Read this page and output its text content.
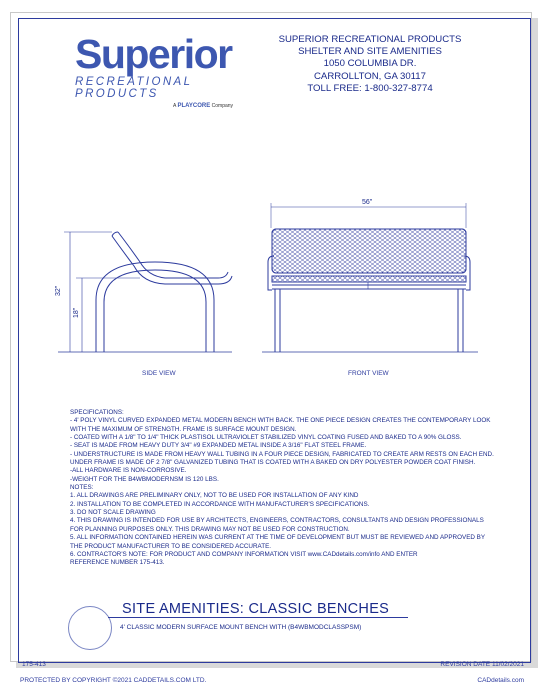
Superior
RECREATIONAL PRODUCTS
A PLAYCORE Company
SUPERIOR RECREATIONAL PRODUCTS
SHELTER AND SITE AMENITIES
1050 COLUMBIA DR.
CARROLLTON, GA 30117
TOLL FREE: 1-800-327-8774
32"
18"
56"
SIDE VIEW	FRONT VIEW
SPECIFICATIONS:
- 4' POLY VINYL CURVED EXPANDED METAL MODERN BENCH WITH BACK. THE ONE PIECE DESIGN CREATES THE CONTEMPORARY LOOK
WITH THE MAXIMUM OF STRENGTH. FRAME IS SURFACE MOUNT DESIGN.
- COATED WITH A 1/8" TO 1/4" THICK PLASTISOL ULTRAVIOLET STABILIZED VINYL COATING FUSED AND BAKED TO A 90% GLOSS.
- SEAT IS MADE FROM HEAVY DUTY 3/4" #9 EXPANDED METAL INSIDE A 3/16" FLAT STEEL FRAME.
- UNDERSTRUCTURE IS MADE FROM HEAVY WALL TUBING IN A FOUR PIECE DESIGN, FABRICATED TO CREATE ARM RESTS ON EACH END.
UNDER FRAME IS MADE OF 2 7/8" GALVANIZED TUBING THAT IS COATED WITH A BAKED ON DRY POLYESTER POWDER COAT FINISH.
-ALL HARDWARE IS NON-CORROSIVE.
-WEIGHT FOR THE B4WBMODERNSM IS 120 LBS.
NOTES:
1. ALL DRAWINGS ARE PRELIMINARY ONLY, NOT TO BE USED FOR INSTALLATION OF ANY KIND
2. INSTALLATION TO BE COMPLETED IN ACCORDANCE WITH MANUFACTURER'S SPECIFICATIONS.
3. DO NOT SCALE DRAWING
4. THIS DRAWING IS INTENDED FOR USE BY ARCHITECTS, ENGINEERS, CONTRACTORS, CONSULTANTS AND DESIGN PROFESSIONALS
FOR PLANNING PURPOSES ONLY. THIS DRAWING MAY NOT BE USED FOR CONSTRUCTION.
5. ALL INFORMATION CONTAINED HEREIN WAS CURRENT AT THE TIME OF DEVELOPMENT BUT MUST BE REVIEWED AND APPROVED BY
THE PRODUCT MANUFACTURER TO BE CONSIDERED ACCURATE.
6. CONTRACTOR'S NOTE: FOR PRODUCT AND COMPANY INFORMATION VISIT www.CADdetails.com/info AND ENTER
REFERENCE NUMBER 175-413.
SITE AMENITIES: CLASSIC BENCHES
4' CLASSIC MODERN SURFACE MOUNT BENCH WITH (B4WBMODCLASSPSM)
175-413	REVISION DATE 11/02/2021
PROTECTED BY COPYRIGHT ©2021 CADDETAILS.COM LTD.	CADdetails.com
